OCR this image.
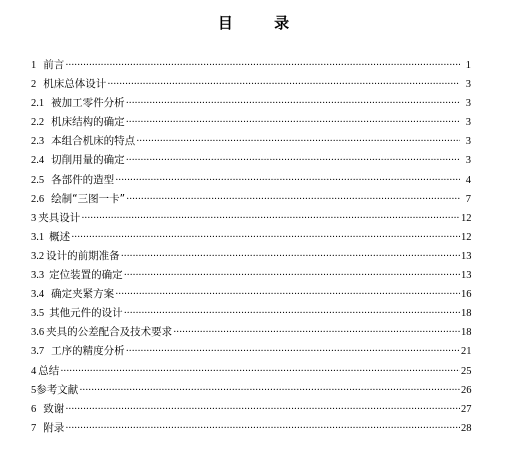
目 录
1 前言 ·····	1
2 机床总体设计 ·····	3
2.1 被加工零件分析 ·····	3
2.2 机床结构的确定 ·····	3
2.3 本组合机床的特点 ·····	3
2.4 切削用量的确定 ·····	3
2.5 各部件的造型 ·····	4
2.6 绘制“三图一卡” ·····	7
3 夹具设计 ·····	12
3.1 概述 ·····	12
3.2 设计的前期准备 ·····	13
3.3 定位装置的确定 ·····	13
3.4 确定夹紧方案 ·····	16
3.5 其他元件的设计 ·····	18
3.6 夹具的公差配合及技术要求 ·····	18
3.7 工序的精度分析 ·····	21
4 总结 ·····	25
5 参考文献 ·····	26
6 致谢 ·····	27
7 附录 ·····	28
